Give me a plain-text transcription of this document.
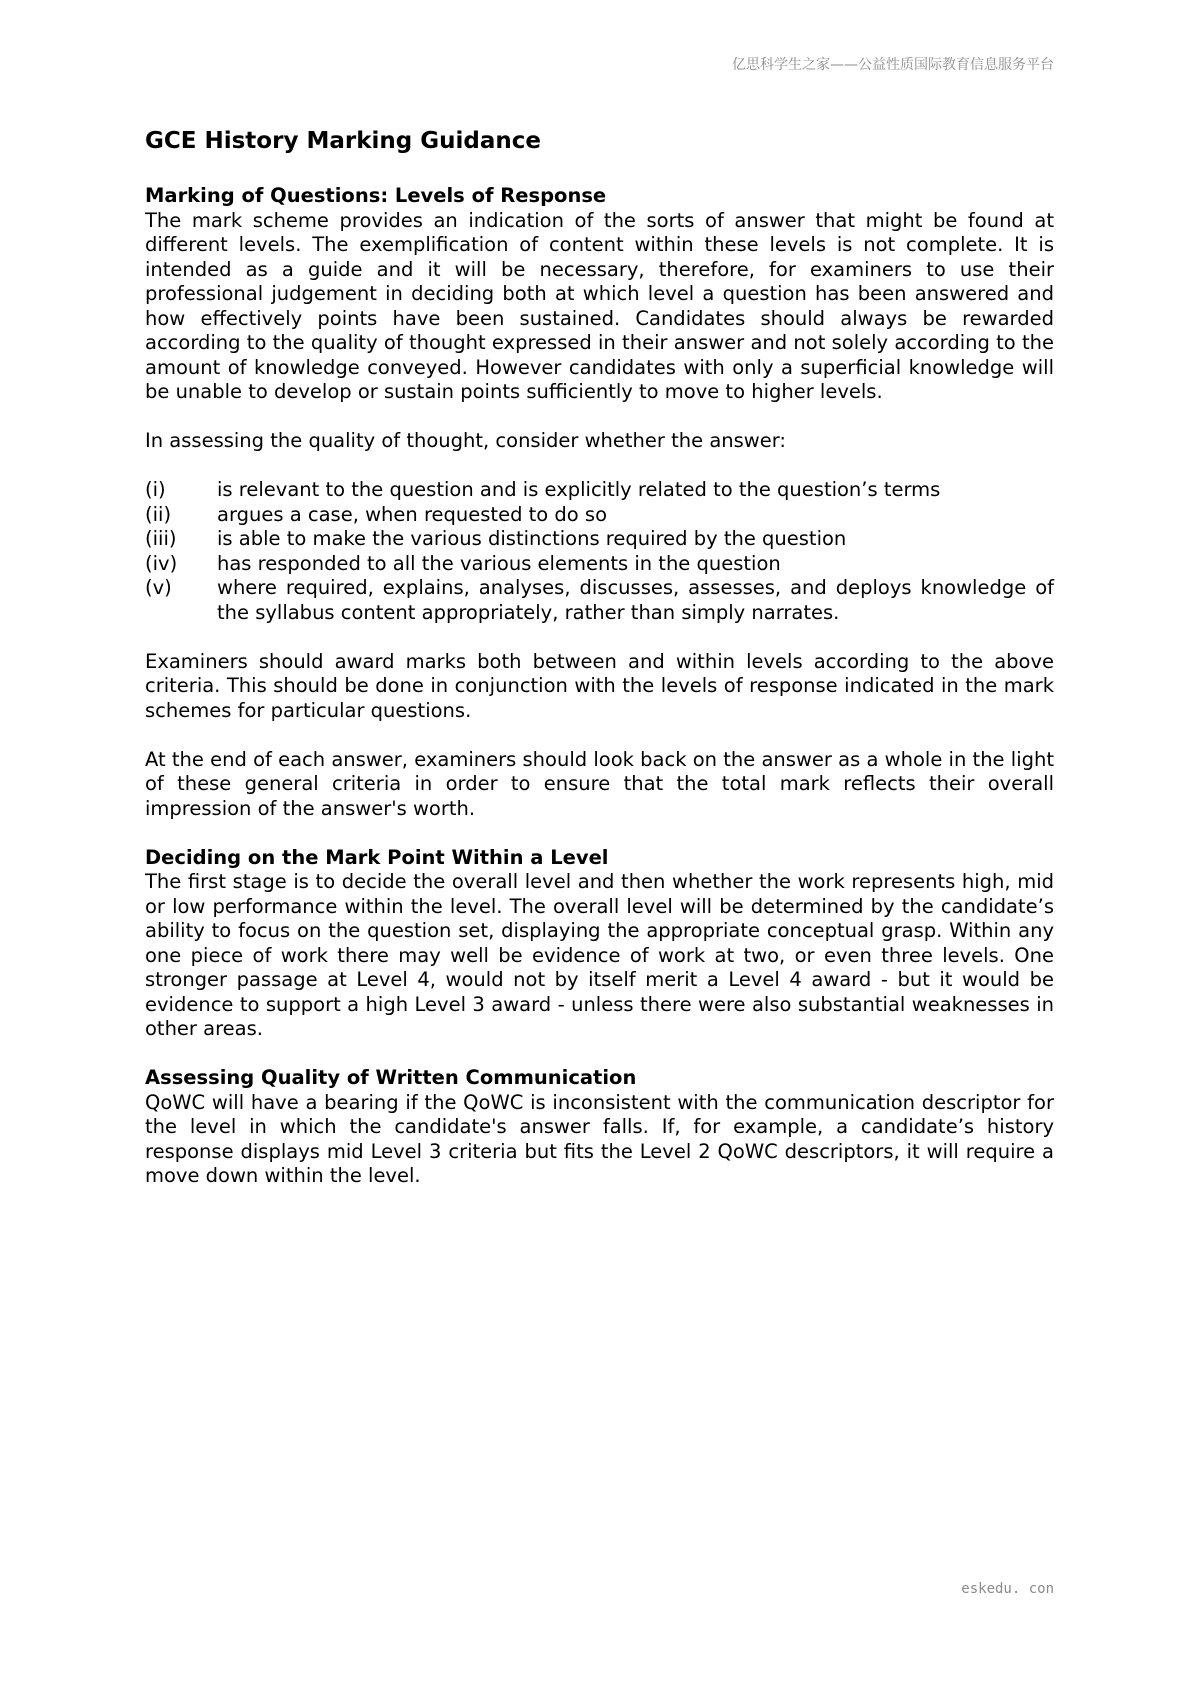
亿思科学生之家——公益性质国际教育信息服务平台
GCE History Marking Guidance
Marking of Questions: Levels of Response

The mark scheme provides an indication of the sorts of answer that might be found at different levels. The exemplification of content within these levels is not complete. It is intended as a guide and it will be necessary, therefore, for examiners to use their professional judgement in deciding both at which level a question has been answered and how effectively points have been sustained. Candidates should always be rewarded according to the quality of thought expressed in their answer and not solely according to the amount of knowledge conveyed. However candidates with only a superficial knowledge will be unable to develop or sustain points sufficiently to move to higher levels.

In assessing the quality of thought, consider whether the answer:

(i)	is relevant to the question and is explicitly related to the question’s terms
(ii)	argues a case, when requested to do so
(iii)	is able to make the various distinctions required by the question
(iv)	has responded to all the various elements in the question
(v)	where required, explains, analyses, discusses, assesses, and deploys knowledge of the syllabus content appropriately, rather than simply narrates.

Examiners should award marks both between and within levels according to the above criteria. This should be done in conjunction with the levels of response indicated in the mark schemes for particular questions.

At the end of each answer, examiners should look back on the answer as a whole in the light of these general criteria in order to ensure that the total mark reflects their overall impression of the answer's worth.

Deciding on the Mark Point Within a Level

The first stage is to decide the overall level and then whether the work represents high, mid or low performance within the level. The overall level will be determined by the candidate’s ability to focus on the question set, displaying the appropriate conceptual grasp. Within any one piece of work there may well be evidence of work at two, or even three levels. One stronger passage at Level 4, would not by itself merit a Level 4 award - but it would be evidence to support a high Level 3 award - unless there were also substantial weaknesses in other areas.

Assessing Quality of Written Communication

QoWC will have a bearing if the QoWC is inconsistent with the communication descriptor for the level in which the candidate's answer falls. If, for example, a candidate’s history response displays mid Level 3 criteria but fits the Level 2 QoWC descriptors, it will require a move down within the level.

eskedu. con
